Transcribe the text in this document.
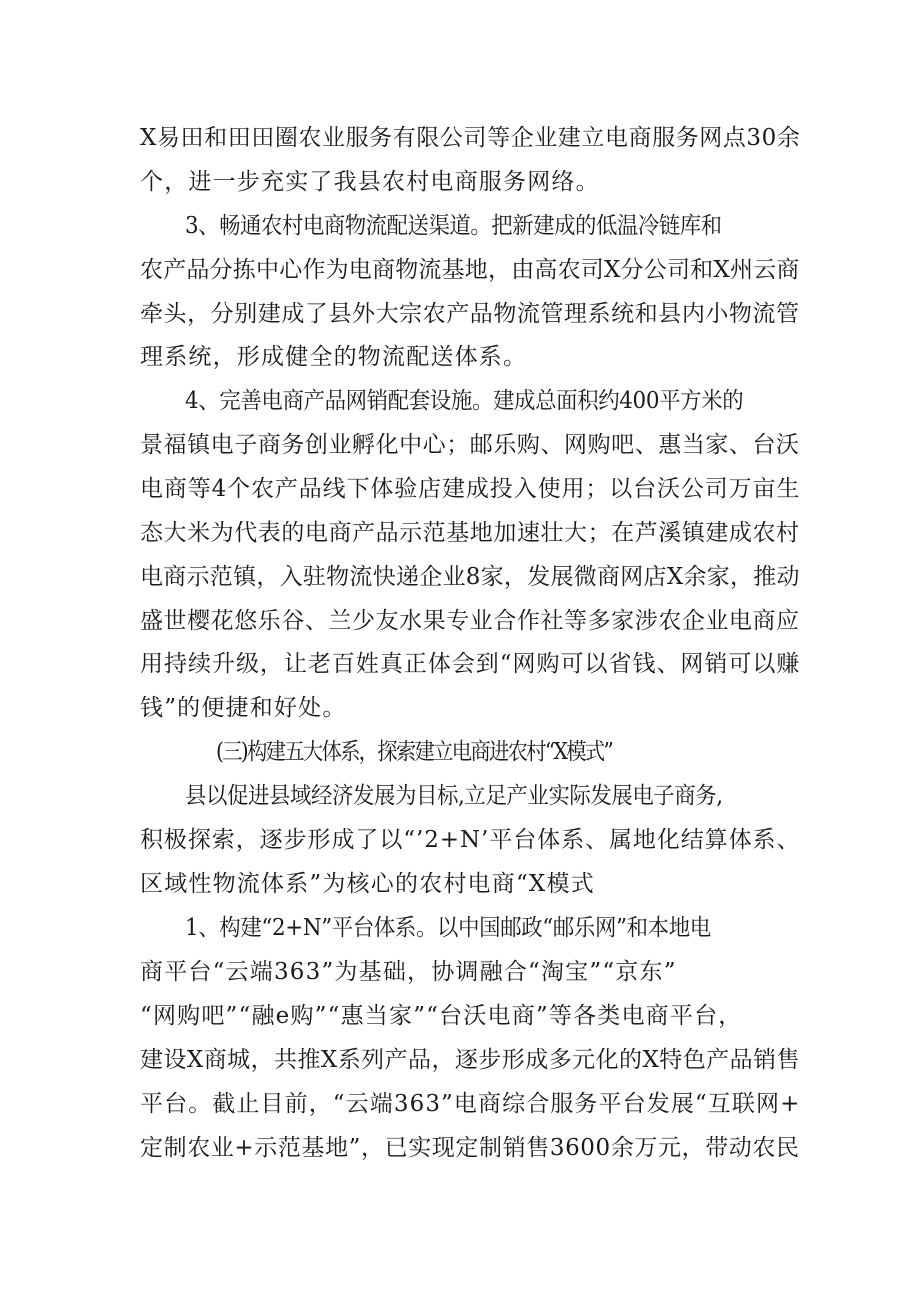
X易田和田田圈农业服务有限公司等企业建立电商服务网点30余
个，进一步充实了我县农村电商服务网络。
3、畅通农村电商物流配送渠道。把新建成的低温冷链库和
农产品分拣中心作为电商物流基地，由高农司X分公司和X州云商
牵头，分别建成了县外大宗农产品物流管理系统和县内小物流管
理系统，形成健全的物流配送体系。
4、完善电商产品网销配套设施。建成总面积约400平方米的
景福镇电子商务创业孵化中心；邮乐购、网购吧、惠当家、台沃
电商等4个农产品线下体验店建成投入使用；以台沃公司万亩生
态大米为代表的电商产品示范基地加速壮大；在芦溪镇建成农村
电商示范镇，入驻物流快递企业8家，发展微商网店X余家，推动
盛世樱花悠乐谷、兰少友水果专业合作社等多家涉农企业电商应
用持续升级，让老百姓真正体会到“网购可以省钱、网销可以赚
钱”的便捷和好处。
(三)构建五大体系，探索建立电商进农村“X模式”
县以促进县域经济发展为目标,立足产业实际发展电子商务,
积极探索，逐步形成了以“’2+N’平台体系、属地化结算体系、
区域性物流体系”为核心的农村电商“X模式
1、构建“2+N”平台体系。以中国邮政“邮乐网”和本地电
商平台“云端363”为基础，协调融合“淘宝”“京东”
“网购吧”“融e购”“惠当家”“台沃电商”等各类电商平台，
建设X商城，共推X系列产品，逐步形成多元化的X特色产品销售
平台。截止目前，“云端363”电商综合服务平台发展“互联网+
定制农业+示范基地”，已实现定制销售3600余万元，带动农民
